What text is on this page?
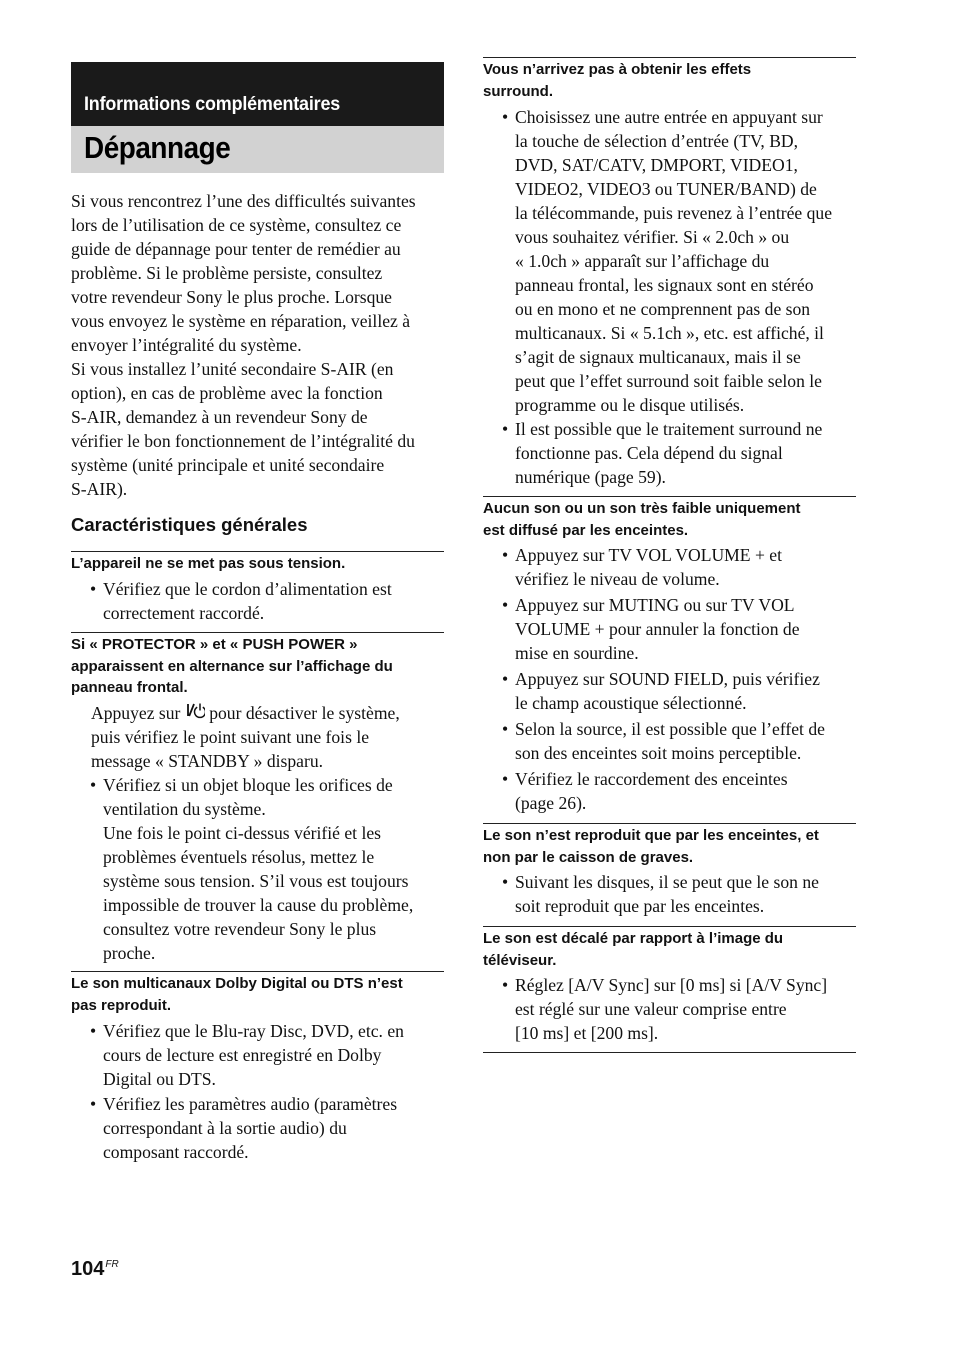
Informations complémentaires
Dépannage
Si vous rencontrez l’une des difficultés suivantes
lors de l’utilisation de ce système, consultez ce
guide de dépannage pour tenter de remédier au
problème. Si le problème persiste, consultez
votre revendeur Sony le plus proche. Lorsque
vous envoyez le système en réparation, veillez à
envoyer l’intégralité du système.
Si vous installez l’unité secondaire S-AIR (en
option), en cas de problème avec la fonction
S-AIR, demandez à un revendeur Sony de
vérifier le bon fonctionnement de l’intégralité du
système (unité principale et unité secondaire
S-AIR).
Caractéristiques générales
L’appareil ne se met pas sous tension.
• Vérifiez que le cordon d’alimentation est
correctement raccordé.
Si « PROTECTOR » et « PUSH POWER »
apparaissent en alternance sur l’affichage du
panneau frontal.
Appuyez sur  pour désactiver le système,
puis vérifiez le point suivant une fois le
message « STANDBY » disparu.
• Vérifiez si un objet bloque les orifices de
ventilation du système.
Une fois le point ci-dessus vérifié et les
problèmes éventuels résolus, mettez le
système sous tension. S’il vous est toujours
impossible de trouver la cause du problème,
consultez votre revendeur Sony le plus
proche.
Le son multicanaux Dolby Digital ou DTS n’est
pas reproduit.
• Vérifiez que le Blu-ray Disc, DVD, etc. en
cours de lecture est enregistré en Dolby
Digital ou DTS.
• Vérifiez les paramètres audio (paramètres
correspondant à la sortie audio) du
composant raccordé.
Vous n’arrivez pas à obtenir les effets
surround.
• Choisissez une autre entrée en appuyant sur
la touche de sélection d’entrée (TV, BD,
DVD, SAT/CATV, DMPORT, VIDEO1,
VIDEO2, VIDEO3 ou TUNER/BAND) de
la télécommande, puis revenez à l’entrée que
vous souhaitez vérifier. Si « 2.0ch » ou
« 1.0ch » apparaît sur l’affichage du
panneau frontal, les signaux sont en stéréo
ou en mono et ne comprennent pas de son
multicanaux. Si « 5.1ch », etc. est affiché, il
s’agit de signaux multicanaux, mais il se
peut que l’effet surround soit faible selon le
programme ou le disque utilisés.
• Il est possible que le traitement surround ne
fonctionne pas. Cela dépend du signal
numérique (page 59).
Aucun son ou un son très faible uniquement
est diffusé par les enceintes.
• Appuyez sur TV VOL VOLUME + et
vérifiez le niveau de volume.
• Appuyez sur MUTING ou sur TV VOL
VOLUME + pour annuler la fonction de
mise en sourdine.
• Appuyez sur SOUND FIELD, puis vérifiez
le champ acoustique sélectionné.
• Selon la source, il est possible que l’effet de
son des enceintes soit moins perceptible.
• Vérifiez le raccordement des enceintes
(page 26).
Le son n’est reproduit que par les enceintes, et
non par le caisson de graves.
• Suivant les disques, il se peut que le son ne
soit reproduit que par les enceintes.
Le son est décalé par rapport à l’image du
téléviseur.
• Réglez [A/V Sync] sur [0 ms] si [A/V Sync]
est réglé sur une valeur comprise entre
[10 ms] et [200 ms].
$104^{FR}$
